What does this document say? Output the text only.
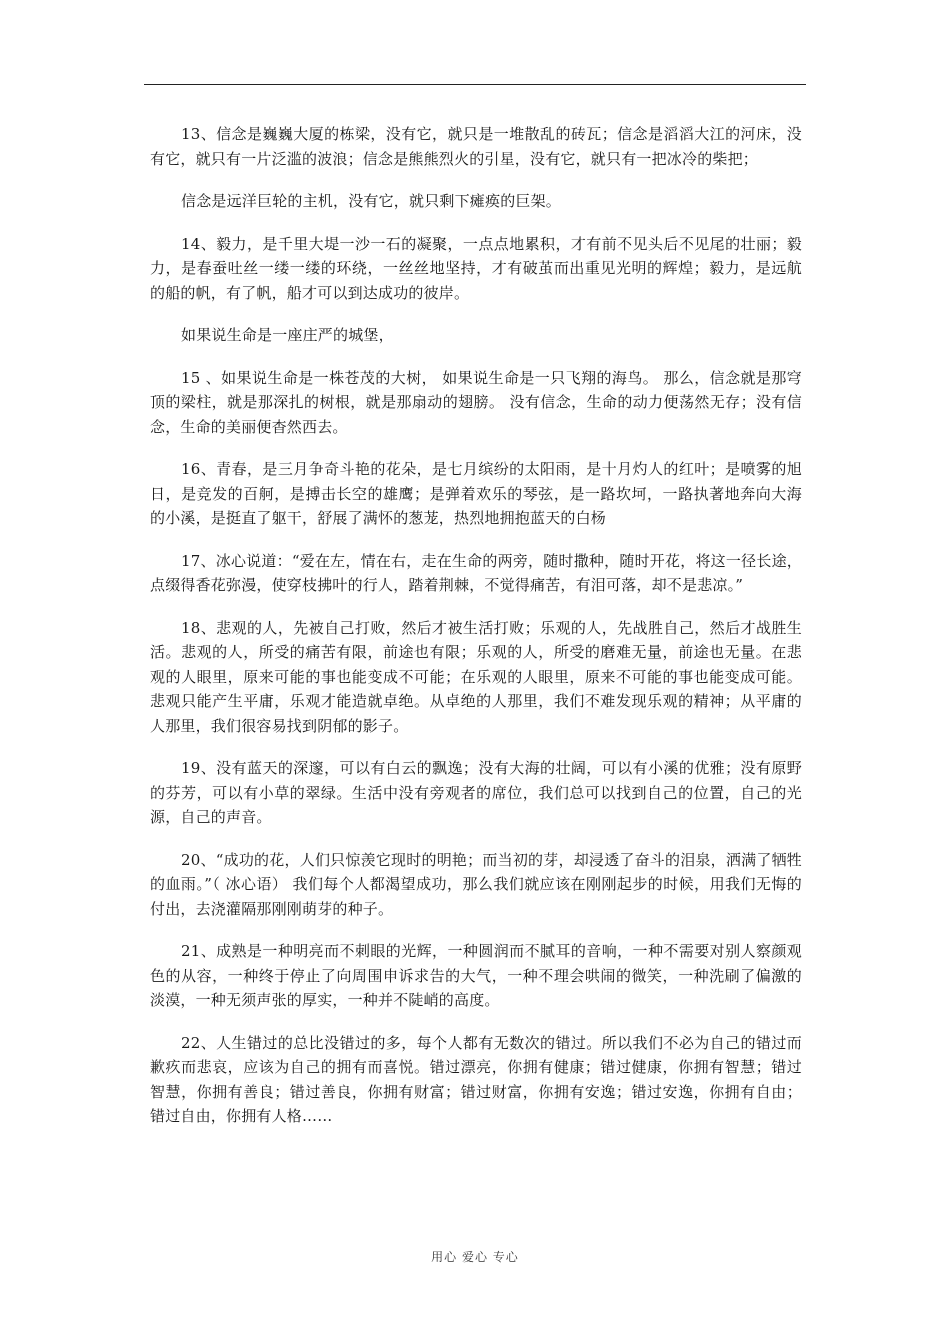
13、信念是巍巍大厦的栋梁，没有它，就只是一堆散乱的砖瓦；信念是滔滔大江的河床，没有它，就只有一片泛滥的波浪；信念是熊熊烈火的引星，没有它，就只有一把冰冷的柴把；

信念是远洋巨轮的主机，没有它，就只剩下瘫痪的巨架。

14、毅力，是千里大堤一沙一石的凝聚，一点点地累积，才有前不见头后不见尾的壮丽；毅力，是春蚕吐丝一缕一缕的环绕，一丝丝地坚持，才有破茧而出重见光明的辉煌；毅力，是远航的船的帆，有了帆，船才可以到达成功的彼岸。

如果说生命是一座庄严的城堡，

15 、如果说生命是一株苍茂的大树， 如果说生命是一只飞翔的海鸟。 那么，信念就是那穹顶的梁柱，就是那深扎的树根，就是那扇动的翅膀。 没有信念，生命的动力便荡然无存；没有信念，生命的美丽便杳然西去。

16、青春，是三月争奇斗艳的花朵，是七月缤纷的太阳雨，是十月灼人的红叶；是喷雾的旭日，是竞发的百舸，是搏击长空的雄鹰；是弹着欢乐的琴弦，是一路坎坷，一路执著地奔向大海的小溪，是挺直了躯干，舒展了满怀的葱茏，热烈地拥抱蓝天的白杨

17、冰心说道：“爱在左，情在右，走在生命的两旁，随时撒种，随时开花，将这一径长途，点缀得香花弥漫，使穿枝拂叶的行人，踏着荆棘，不觉得痛苦，有泪可落，却不是悲凉。”

18、悲观的人，先被自己打败，然后才被生活打败；乐观的人，先战胜自己，然后才战胜生活。悲观的人，所受的痛苦有限，前途也有限；乐观的人，所受的磨难无量，前途也无量。在悲观的人眼里，原来可能的事也能变成不可能；在乐观的人眼里，原来不可能的事也能变成可能。悲观只能产生平庸，乐观才能造就卓绝。从卓绝的人那里，我们不难发现乐观的精神；从平庸的人那里，我们很容易找到阴郁的影子。

19、没有蓝天的深邃，可以有白云的飘逸；没有大海的壮阔，可以有小溪的优雅；没有原野的芬芳，可以有小草的翠绿。生活中没有旁观者的席位，我们总可以找到自己的位置，自己的光源，自己的声音。

20、“成功的花，人们只惊羡它现时的明艳；而当初的芽，却浸透了奋斗的泪泉，洒满了牺牲的血雨。”（ 冰心语） 我们每个人都渴望成功，那么我们就应该在刚刚起步的时候，用我们无悔的付出，去浇灌隔那刚刚萌芽的种子。

21、成熟是一种明亮而不刺眼的光辉，一种圆润而不腻耳的音响，一种不需要对别人察颜观色的从容，一种终于停止了向周围申诉求告的大气，一种不理会哄闹的微笑，一种洗刷了偏激的淡漠，一种无须声张的厚实，一种并不陡峭的高度。

22、人生错过的总比没错过的多，每个人都有无数次的错过。所以我们不必为自己的错过而歉疚而悲哀，应该为自己的拥有而喜悦。错过漂亮，你拥有健康；错过健康，你拥有智慧；错过智慧，你拥有善良；错过善良，你拥有财富；错过财富，你拥有安逸；错过安逸，你拥有自由；错过自由，你拥有人格……

用心 爱心 专心
